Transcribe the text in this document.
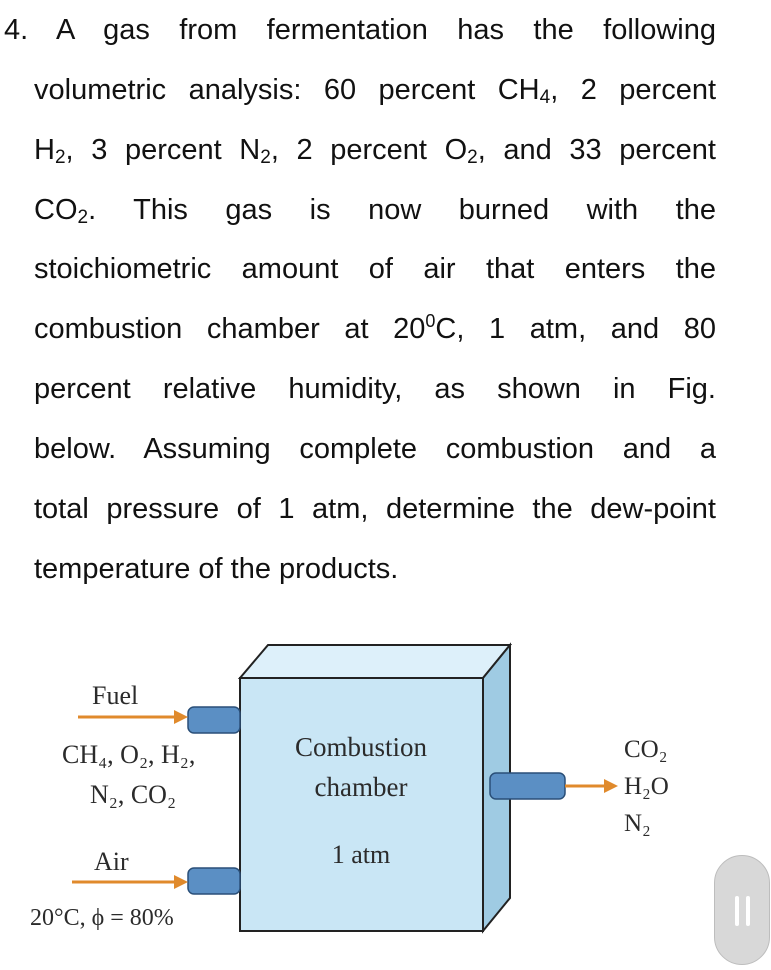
4. A gas from fermentation has the following
volumetric analysis: 60 percent $CH_4$, 2 percent
$H_2$, 3 percent $N_2$, 2 percent $O_2$, and 33 percent
$CO_2$. This gas is now burned with the
stoichiometric amount of air that enters the
combustion chamber at $20^0C$, 1 atm, and 80
percent relative humidity, as shown in Fig.
below. Assuming complete combustion and a
total pressure of 1 atm, determine the dew-point
temperature of the products.
Fuel
CH₄, O₂, H₂,
N₂, CO₂
Air
20°C, ϕ = 80%
Combustion
chamber
1 atm
CO₂
H₂O
N₂
